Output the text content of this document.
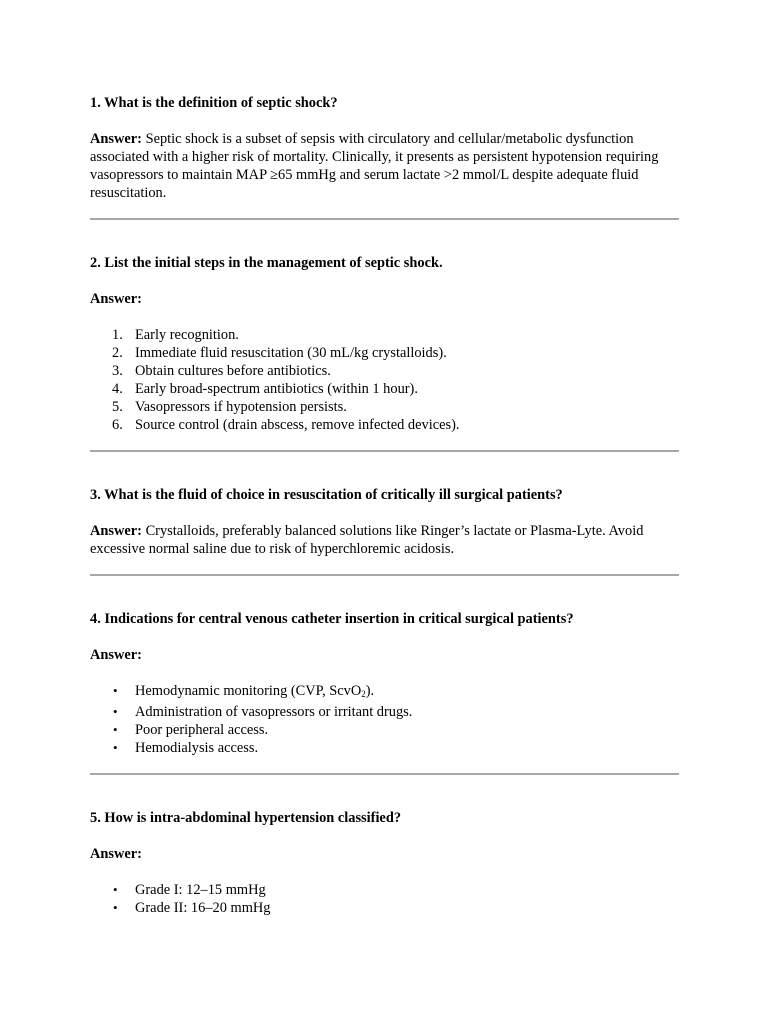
1. What is the definition of septic shock?

Answer: Septic shock is a subset of sepsis with circulatory and cellular/metabolic dysfunction associated with a higher risk of mortality. Clinically, it presents as persistent hypotension requiring vasopressors to maintain MAP ≥65 mmHg and serum lactate >2 mmol/L despite adequate fluid resuscitation.

2. List the initial steps in the management of septic shock.

Answer:

1. Early recognition.
2. Immediate fluid resuscitation (30 mL/kg crystalloids).
3. Obtain cultures before antibiotics.
4. Early broad-spectrum antibiotics (within 1 hour).
5. Vasopressors if hypotension persists.
6. Source control (drain abscess, remove infected devices).

3. What is the fluid of choice in resuscitation of critically ill surgical patients?

Answer: Crystalloids, preferably balanced solutions like Ringer’s lactate or Plasma-Lyte. Avoid excessive normal saline due to risk of hyperchloremic acidosis.

4. Indications for central venous catheter insertion in critical surgical patients?

Answer:

• Hemodynamic monitoring (CVP, ScvO$_2$).
• Administration of vasopressors or irritant drugs.
• Poor peripheral access.
• Hemodialysis access.

5. How is intra-abdominal hypertension classified?

Answer:

• Grade I: 12–15 mmHg
• Grade II: 16–20 mmHg
